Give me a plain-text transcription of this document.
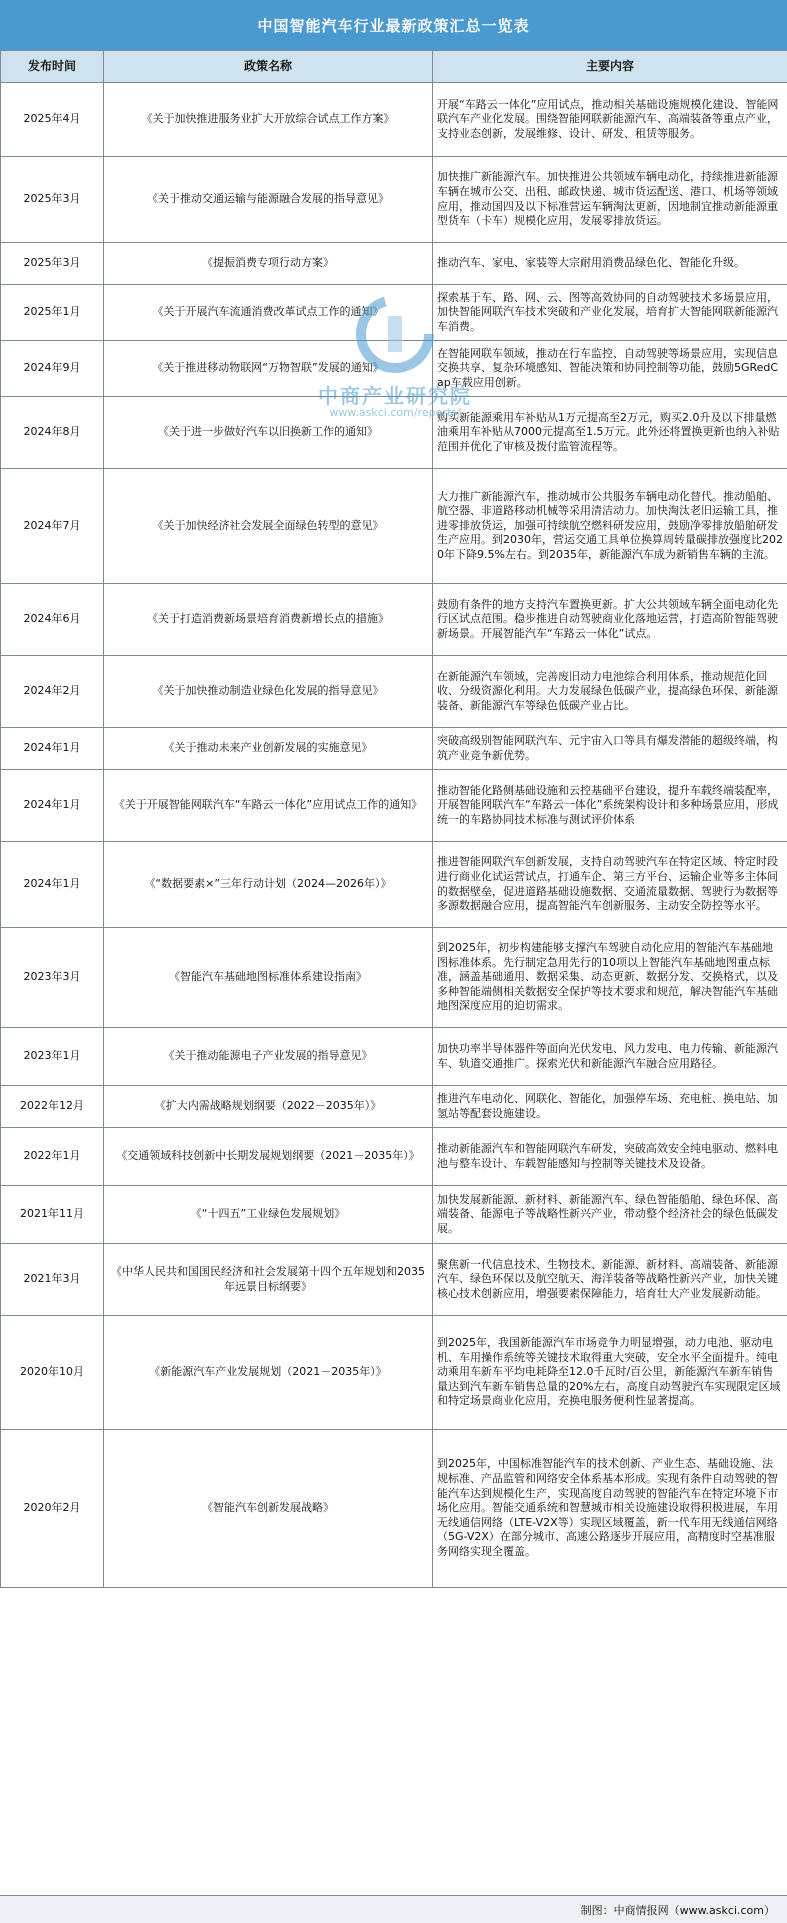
中国智能汽车行业最新政策汇总一览表
发布时间	政策名称	主要内容
2025年4月	《关于加快推进服务业扩大开放综合试点工作方案》	开展“车路云一体化”应用试点，推动相关基础设施规模化建设、智能网联汽车产业化发展。围绕智能网联新能源汽车、高端装备等重点产业，支持业态创新，发展维修、设计、研发、租赁等服务。
2025年3月	《关于推动交通运输与能源融合发展的指导意见》	加快推广新能源汽车。加快推进公共领域车辆电动化，持续推进新能源车辆在城市公交、出租、邮政快递、城市货运配送、港口、机场等领域应用，推动国四及以下标准营运车辆淘汰更新，因地制宜推动新能源重型货车（卡车）规模化应用，发展零排放货运。
2025年3月	《提振消费专项行动方案》	推动汽车、家电、家装等大宗耐用消费品绿色化、智能化升级。
2025年1月	《关于开展汽车流通消费改革试点工作的通知》	探索基于车、路、网、云、图等高效协同的自动驾驶技术多场景应用，加快智能网联汽车技术突破和产业化发展，培育扩大智能网联新能源汽车消费。
2024年9月	《关于推进移动物联网“万物智联”发展的通知》	在智能网联车领域，推动在行车监控、自动驾驶等场景应用，实现信息交换共享、复杂环境感知、智能决策和协同控制等功能，鼓励5GRedCap车载应用创新。
2024年8月	《关于进一步做好汽车以旧换新工作的通知》	购买新能源乘用车补贴从1万元提高至2万元，购买2.0升及以下排量燃油乘用车补贴从7000元提高至1.5万元。此外还将置换更新也纳入补贴范围并优化了审核及拨付监管流程等。
2024年7月	《关于加快经济社会发展全面绿色转型的意见》	大力推广新能源汽车，推动城市公共服务车辆电动化替代。推动船舶、航空器、非道路移动机械等采用清洁动力。加快淘汰老旧运输工具，推进零排放货运，加强可持续航空燃料研发应用，鼓励净零排放船舶研发生产应用。到2030年，营运交通工具单位换算周转量碳排放强度比2020年下降9.5%左右。到2035年，新能源汽车成为新销售车辆的主流。
2024年6月	《关于打造消费新场景培育消费新增长点的措施》	鼓励有条件的地方支持汽车置换更新。扩大公共领域车辆全面电动化先行区试点范围。稳步推进自动驾驶商业化落地运营，打造高阶智能驾驶新场景。开展智能汽车“车路云一体化”试点。
2024年2月	《关于加快推动制造业绿色化发展的指导意见》	在新能源汽车领域，完善废旧动力电池综合利用体系，推动规范化回收、分级资源化利用。大力发展绿色低碳产业，提高绿色环保、新能源装备、新能源汽车等绿色低碳产业占比。
2024年1月	《关于推动未来产业创新发展的实施意见》	突破高级别智能网联汽车、元宇宙入口等具有爆发潜能的超级终端，构筑产业竞争新优势。
2024年1月	《关于开展智能网联汽车“车路云一体化”应用试点工作的通知》	推动智能化路侧基础设施和云控基础平台建设，提升车载终端装配率，开展智能网联汽车“车路云一体化”系统架构设计和多种场景应用，形成统一的车路协同技术标准与测试评价体系
2024年1月	《“数据要素×”三年行动计划（2024—2026年）》	推进智能网联汽车创新发展，支持自动驾驶汽车在特定区域、特定时段进行商业化试运营试点，打通车企、第三方平台、运输企业等多主体间的数据壁垒，促进道路基础设施数据、交通流量数据、驾驶行为数据等多源数据融合应用，提高智能汽车创新服务、主动安全防控等水平。
2023年3月	《智能汽车基础地图标准体系建设指南》	到2025年，初步构建能够支撑汽车驾驶自动化应用的智能汽车基础地图标准体系。先行制定急用先行的10项以上智能汽车基础地图重点标准，涵盖基础通用、数据采集、动态更新、数据分发、交换格式，以及多种智能端侧相关数据安全保护等技术要求和规范，解决智能汽车基础地图深度应用的迫切需求。
2023年1月	《关于推动能源电子产业发展的指导意见》	加快功率半导体器件等面向光伏发电、风力发电、电力传输、新能源汽车、轨道交通推广。探索光伏和新能源汽车融合应用路径。
2022年12月	《扩大内需战略规划纲要（2022－2035年）》	推进汽车电动化、网联化、智能化，加强停车场、充电桩、换电站、加氢站等配套设施建设。
2022年1月	《交通领域科技创新中长期发展规划纲要（2021－2035年）》	推动新能源汽车和智能网联汽车研发，突破高效安全纯电驱动、燃料电池与整车设计、车载智能感知与控制等关键技术及设备。
2021年11月	《“十四五”工业绿色发展规划》	加快发展新能源、新材料、新能源汽车、绿色智能船舶、绿色环保、高端装备、能源电子等战略性新兴产业，带动整个经济社会的绿色低碳发展。
2021年3月	《中华人民共和国国民经济和社会发展第十四个五年规划和2035年远景目标纲要》	聚焦新一代信息技术、生物技术、新能源、新材料、高端装备、新能源汽车、绿色环保以及航空航天、海洋装备等战略性新兴产业，加快关键核心技术创新应用，增强要素保障能力，培育壮大产业发展新动能。
2020年10月	《新能源汽车产业发展规划（2021－2035年）》	到2025年，我国新能源汽车市场竞争力明显增强，动力电池、驱动电机、车用操作系统等关键技术取得重大突破，安全水平全面提升。纯电动乘用车新车平均电耗降至12.0千瓦时/百公里，新能源汽车新车销售量达到汽车新车销售总量的20%左右，高度自动驾驶汽车实现限定区域和特定场景商业化应用，充换电服务便利性显著提高。
2020年2月	《智能汽车创新发展战略》	到2025年，中国标准智能汽车的技术创新、产业生态、基础设施、法规标准、产品监管和网络安全体系基本形成。实现有条件自动驾驶的智能汽车达到规模化生产，实现高度自动驾驶的智能汽车在特定环境下市场化应用。智能交通系统和智慧城市相关设施建设取得积极进展，车用无线通信网络（LTE-V2X等）实现区域覆盖，新一代车用无线通信网络（5G-V2X）在部分城市、高速公路逐步开展应用，高精度时空基准服务网络实现全覆盖。
中商产业研究院
www.askci.com/reports/
制图：中商情报网（www.askci.com）
